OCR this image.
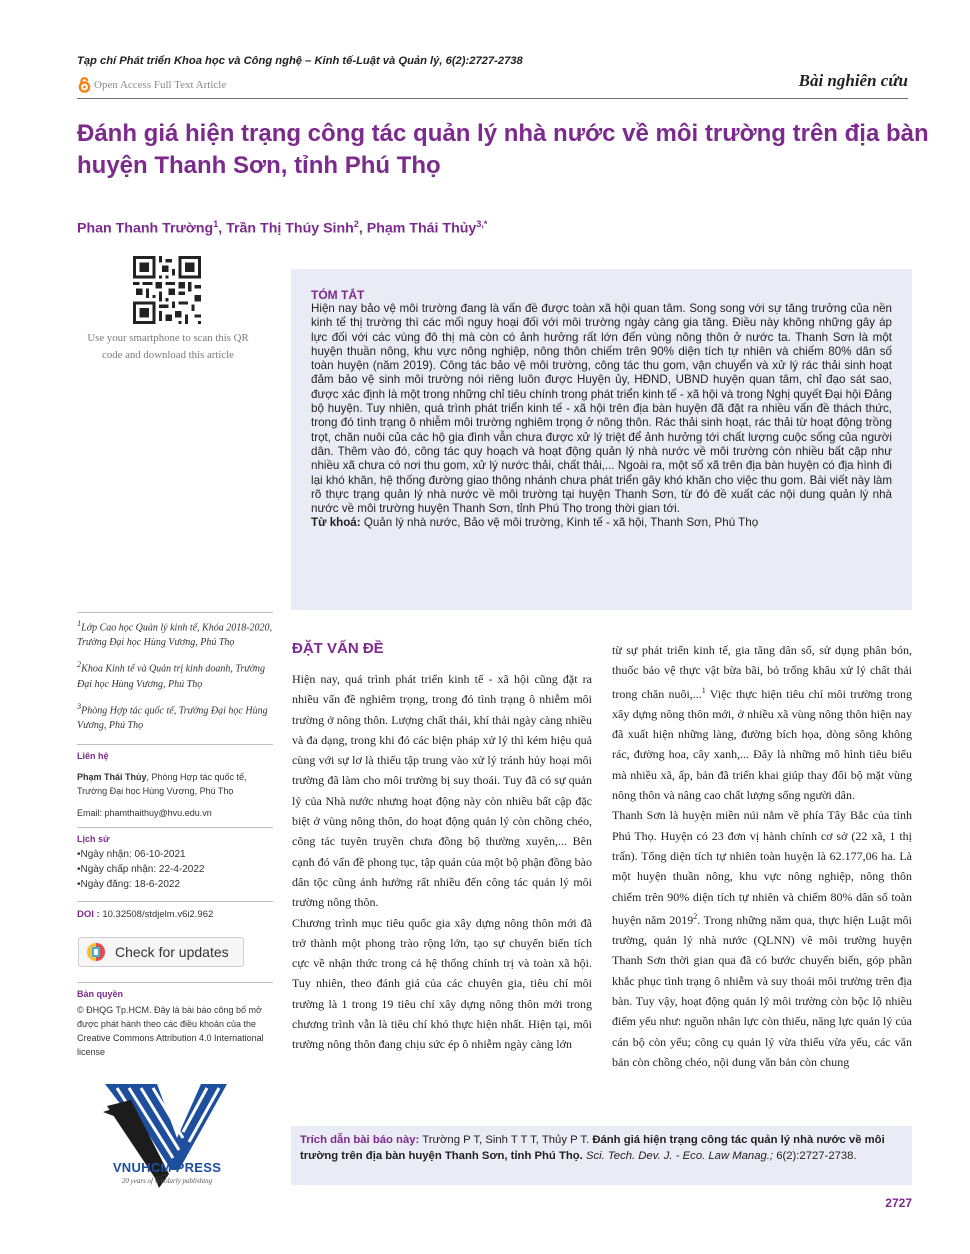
Tạp chí Phát triển Khoa học và Công nghệ – Kinh tế-Luật và Quản lý, 6(2):2727-2738
Open Access Full Text Article	Bài nghiên cứu
Đánh giá hiện trạng công tác quản lý nhà nước về môi trường trên địa bàn huyện Thanh Sơn, tỉnh Phú Thọ
Phan Thanh Trường$^1$, Trần Thị Thúy Sinh$^2$, Phạm Thái Thủy$^{3,*}$
Use your smartphone to scan this QR code and download this article
TÓM TẮT

Hiện nay bảo vệ môi trường đang là vấn đề được toàn xã hội quan tâm. Song song với sự tăng trưởng của nền kinh tế thị trường thì các mối nguy hoại đối với môi trường ngày càng gia tăng. Điều này không những gây áp lực đối với các vùng đô thị mà còn có ảnh hưởng rất lớn đến vùng nông thôn ở nước ta. Thanh Sơn là một huyện thuần nông, khu vực nông nghiệp, nông thôn chiếm trên 90% diện tích tự nhiên và chiếm 80% dân số toàn huyện (năm 2019). Công tác bảo vệ môi trường, công tác thu gom, vận chuyển và xử lý rác thải sinh hoạt đảm bảo vệ sinh môi trường nói riêng luôn được Huyện ủy, HĐND, UBND huyện quan tâm, chỉ đạo sát sao, được xác định là một trong những chỉ tiêu chính trong phát triển kinh tế - xã hội và trong Nghị quyết Đại hội Đảng bộ huyện. Tuy nhiên, quá trình phát triển kinh tế - xã hội trên địa bàn huyện đã đặt ra nhiều vấn đề thách thức, trong đó tình trạng ô nhiễm môi trường nghiêm trọng ở nông thôn. Rác thải sinh hoạt, rác thải từ hoạt động trồng trọt, chăn nuôi của các hộ gia đình vẫn chưa được xử lý triệt để ảnh hưởng tới chất lượng cuộc sống của người dân. Thêm vào đó, công tác quy hoạch và hoạt động quản lý nhà nước về môi trường còn nhiều bất cập như nhiều xã chưa có nơi thu gom, xử lý nước thải, chất thải,... Ngoài ra, một số xã trên địa bàn huyện có địa hình đi lại khó khăn, hệ thống đường giao thông nhánh chưa phát triển gây khó khăn cho việc thu gom. Bài viết này làm rõ thực trạng quản lý nhà nước về môi trường tại huyện Thanh Sơn, từ đó đề xuất các nội dung quản lý nhà nước về môi trường huyện Thanh Sơn, tỉnh Phú Thọ trong thời gian tới.

Từ khoá: Quản lý nhà nước, Bảo vệ môi trường, Kinh tế - xã hội, Thanh Sơn, Phú Thọ

$^1$Lớp Cao học Quản lý kinh tế, Khóa 2018-2020, Trường Đại học Hùng Vương, Phú Thọ
$^2$Khoa Kinh tế và Quản trị kinh doanh, Trường Đại học Hùng Vương, Phú Thọ
$^3$Phòng Hợp tác quốc tế, Trường Đại học Hùng Vương, Phú Thọ
Liên hệ
Phạm Thái Thủy, Phòng Hợp tác quốc tế, Trường Đại học Hùng Vương, Phú Thọ
Email: phamthaithuy@hvu.edu.vn
Lịch sử
• Ngày nhận: 06-10-2021
• Ngày chấp nhận: 22-4-2022
• Ngày đăng: 18-6-2022
DOI : 10.32508/stdjelm.v6i2.962
Check for updates
Bản quyền
© ĐHQG Tp.HCM. Đây là bài báo công bố mở được phát hành theo các điều khoản của the Creative Commons Attribution 4.0 International license
VNUHCM PRESS
20 years of scholarly publishing
ĐẶT VẤN ĐỀ

Hiện nay, quá trình phát triển kinh tế - xã hội cũng đặt ra nhiều vấn đề nghiêm trọng, trong đó tình trạng ô nhiễm môi trường ở nông thôn. Lượng chất thải, khí thải ngày càng nhiều và đa dạng, trong khi đó các biện pháp xử lý thì kém hiệu quả cùng với sự lơ là thiếu tập trung vào xử lý tránh hủy hoại môi trường đã làm cho môi trường bị suy thoái. Tuy đã có sự quản lý của Nhà nước nhưng hoạt động này còn nhiều bất cập đặc biệt ở vùng nông thôn, do hoạt động quản lý còn chồng chéo, công tác tuyên truyền chưa đồng bộ thường xuyên,... Bên cạnh đó vấn đề phong tục, tập quán của một bộ phận đồng bào dân tộc cũng ảnh hưởng rất nhiều đến công tác quản lý môi trường nông thôn.

Chương trình mục tiêu quốc gia xây dựng nông thôn mới đã trở thành một phong trào rộng lớn, tạo sự chuyển biến tích cực về nhận thức trong cả hệ thống chính trị và toàn xã hội. Tuy nhiên, theo đánh giá của các chuyên gia, tiêu chí môi trường là 1 trong 19 tiêu chí xây dựng nông thôn mới trong chương trình vẫn là tiêu chí khó thực hiện nhất. Hiện tại, môi trường nông thôn đang chịu sức ép ô nhiễm ngày càng lớn

từ sự phát triển kinh tế, gia tăng dân số, sử dụng phân bón, thuốc bảo vệ thực vật bừa bãi, bỏ trống khâu xử lý chất thải trong chăn nuôi,...$^1$ Việc thực hiện tiêu chí môi trường trong xây dựng nông thôn mới, ở nhiều xã vùng nông thôn hiện nay đã xuất hiện những làng, đường bích họa, dòng sông không rác, đường hoa, cây xanh,... Đây là những mô hình tiêu biểu mà nhiều xã, ấp, bản đã triển khai giúp thay đổi bộ mặt vùng nông thôn và nâng cao chất lượng sống người dân.

Thanh Sơn là huyện miền núi nằm về phía Tây Bắc của tỉnh Phú Thọ. Huyện có 23 đơn vị hành chính cơ sở (22 xã, 1 thị trấn). Tổng diện tích tự nhiên toàn huyện là 62.177,06 ha. Là một huyện thuần nông, khu vực nông nghiệp, nông thôn chiếm trên 90% diện tích tự nhiên và chiếm 80% dân số toàn huyện năm 2019$^2$. Trong những năm qua, thực hiện Luật môi trường, quản lý nhà nước (QLNN) về môi trường huyện Thanh Sơn thời gian qua đã có bước chuyển biến, góp phần khắc phục tình trạng ô nhiễm và suy thoái môi trường trên địa bàn. Tuy vậy, hoạt động quản lý môi trường còn bộc lộ nhiều điểm yếu như: nguồn nhân lực còn thiếu, năng lực quản lý của cán bộ còn yếu; công cụ quản lý vừa thiếu vừa yếu, các văn bản còn chồng chéo, nội dung văn bản còn chung

Trích dẫn bài báo này: Trường P T, Sinh T T T, Thủy P T. Đánh giá hiện trạng công tác quản lý nhà nước về môi trường trên địa bàn huyện Thanh Sơn, tỉnh Phú Thọ. Sci. Tech. Dev. J. - Eco. Law Manag.; 6(2):2727-2738.
2727
